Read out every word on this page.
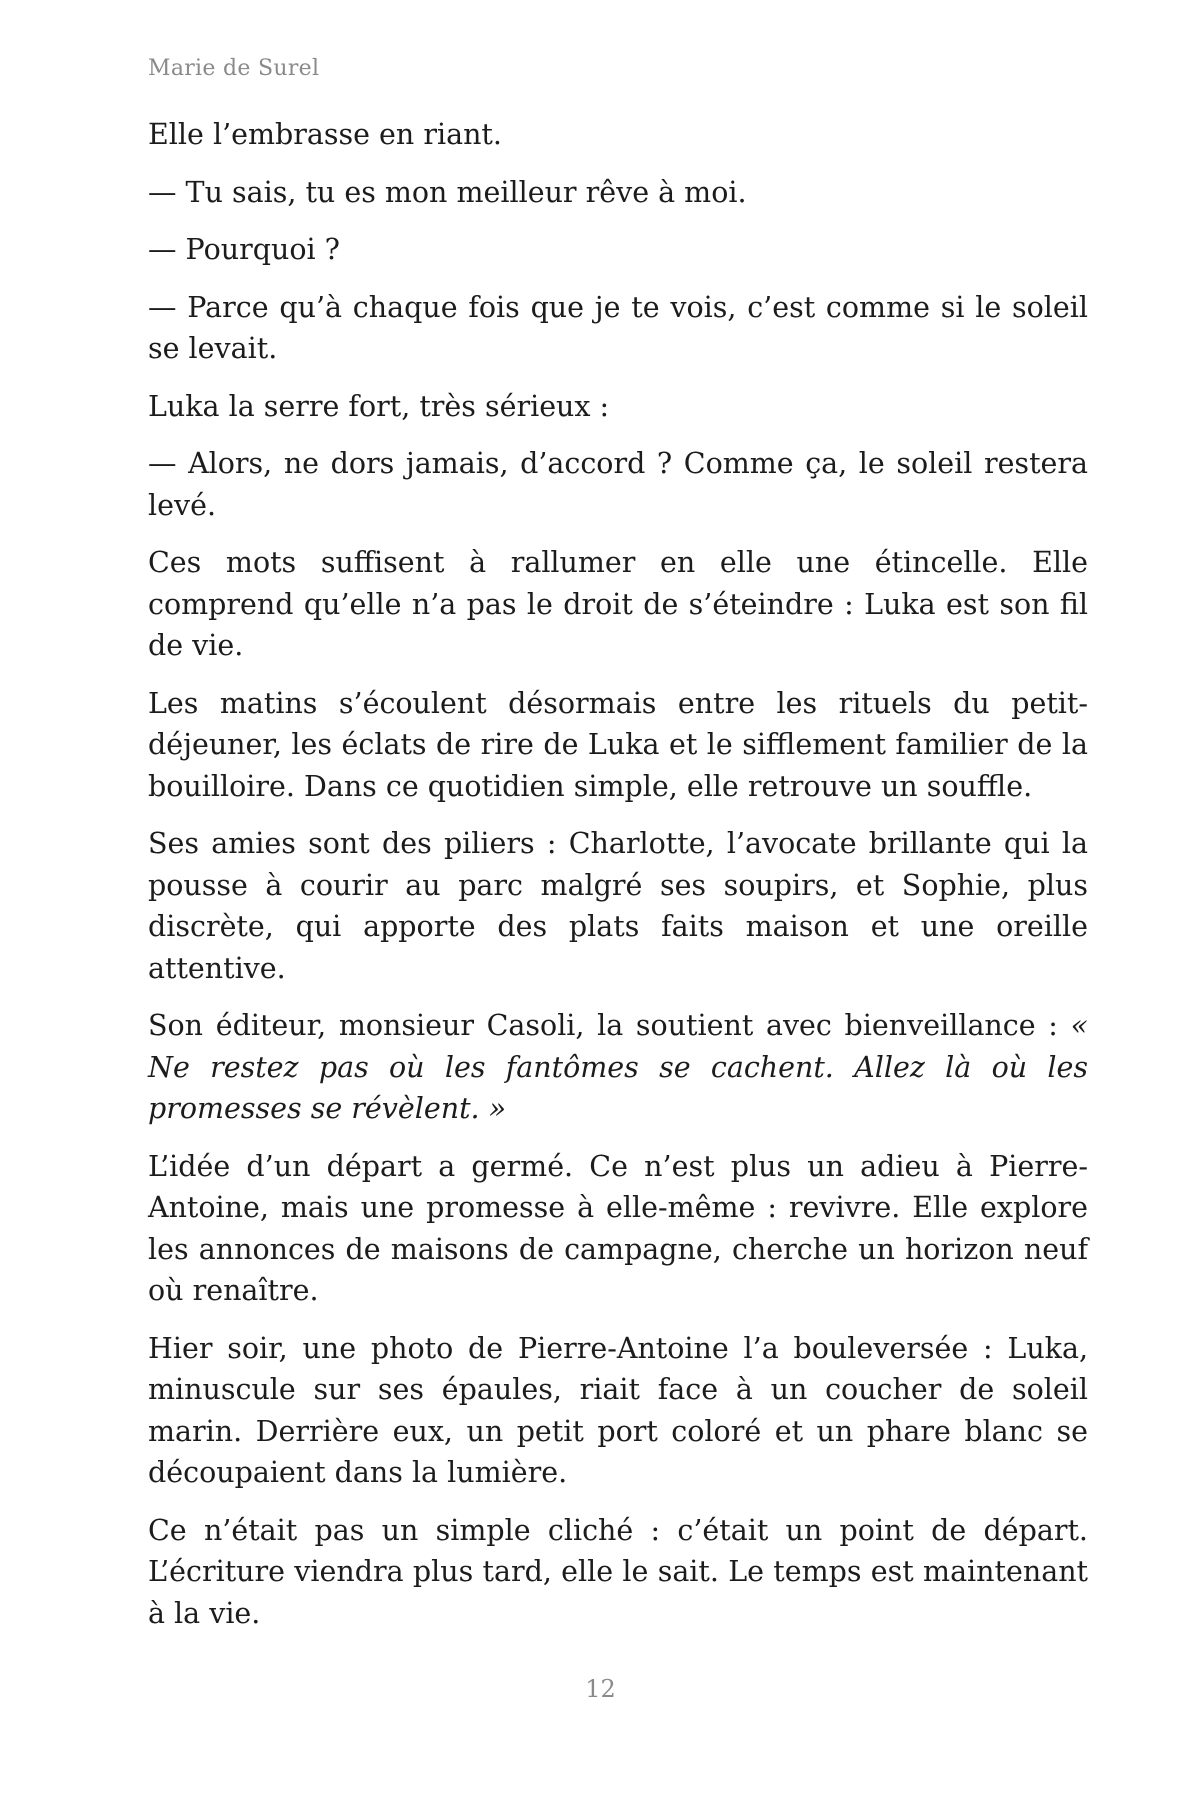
Marie de Surel

Elle l’embrasse en riant.

— Tu sais, tu es mon meilleur rêve à moi.

— Pourquoi ?

— Parce qu’à chaque fois que je te vois, c’est comme si le soleil se levait.

Luka la serre fort, très sérieux :

— Alors, ne dors jamais, d’accord ? Comme ça, le soleil restera levé.

Ces mots suffisent à rallumer en elle une étincelle. Elle comprend qu’elle n’a pas le droit de s’éteindre : Luka est son fil de vie.

Les matins s’écoulent désormais entre les rituels du petit-déjeuner, les éclats de rire de Luka et le sifflement familier de la bouilloire. Dans ce quotidien simple, elle retrouve un souffle.

Ses amies sont des piliers : Charlotte, l’avocate brillante qui la pousse à courir au parc malgré ses soupirs, et Sophie, plus discrète, qui apporte des plats faits maison et une oreille attentive.

Son éditeur, monsieur Casoli, la soutient avec bienveillance : « Ne restez pas où les fantômes se cachent. Allez là où les promesses se révèlent. »

L’idée d’un départ a germé. Ce n’est plus un adieu à Pierre-Antoine, mais une promesse à elle-même : revivre. Elle explore les annonces de maisons de campagne, cherche un horizon neuf où renaître.

Hier soir, une photo de Pierre-Antoine l’a bouleversée : Luka, minuscule sur ses épaules, riait face à un coucher de soleil marin. Derrière eux, un petit port coloré et un phare blanc se découpaient dans la lumière.

Ce n’était pas un simple cliché : c’était un point de départ. L’écriture viendra plus tard, elle le sait. Le temps est maintenant à la vie.

12
